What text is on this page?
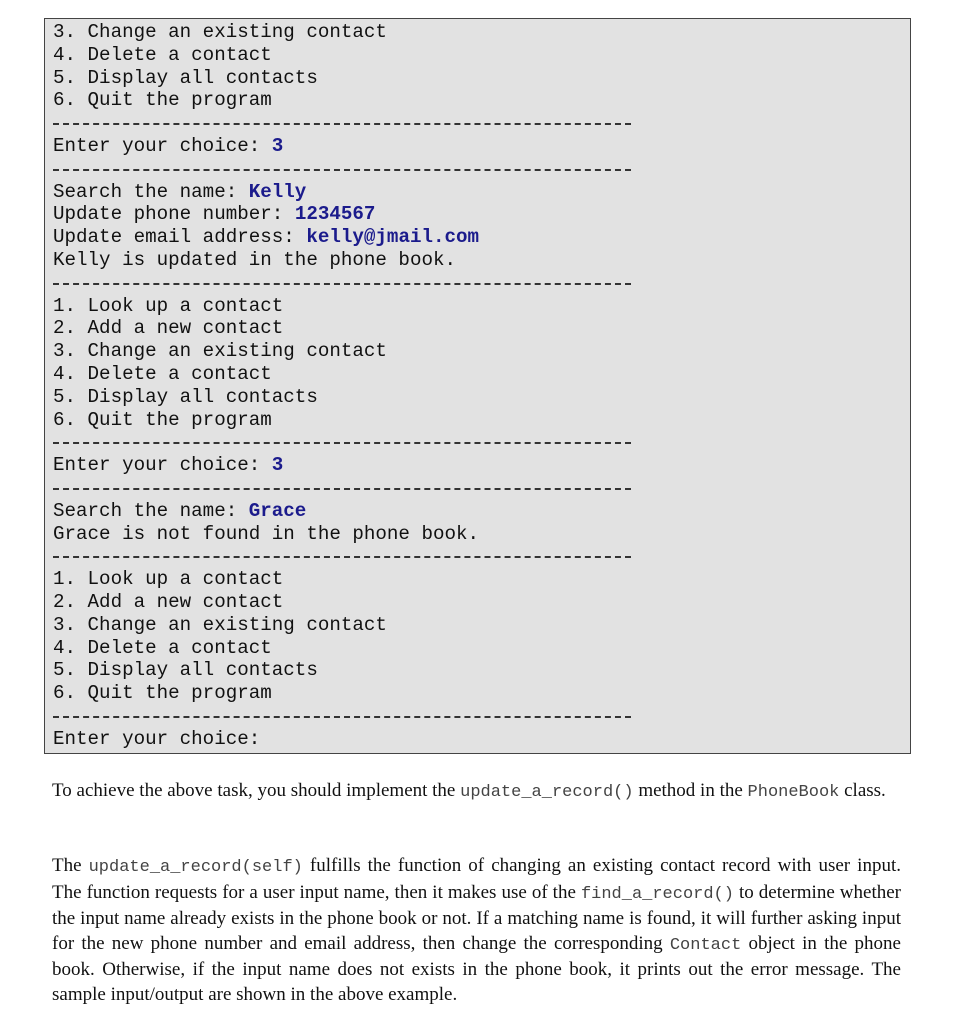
3. Change an existing contact
4. Delete a contact
5. Display all contacts
6. Quit the program
Enter your choice: 3
Search the name: Kelly
Update phone number: 1234567
Update email address: kelly@jmail.com
Kelly is updated in the phone book.
1. Look up a contact
2. Add a new contact
3. Change an existing contact
4. Delete a contact
5. Display all contacts
6. Quit the program
Enter your choice: 3
Search the name: Grace
Grace is not found in the phone book.
1. Look up a contact
2. Add a new contact
3. Change an existing contact
4. Delete a contact
5. Display all contacts
6. Quit the program
Enter your choice:

To achieve the above task, you should implement the update_a_record() method in the PhoneBook class.

The update_a_record(self) fulfills the function of changing an existing contact record with user input. The function requests for a user input name, then it makes use of the find_a_record() to determine whether the input name already exists in the phone book or not. If a matching name is found, it will further asking input for the new phone number and email address, then change the corresponding Contact object in the phone book. Otherwise, if the input name does not exists in the phone book, it prints out the error message. The sample input/output are shown in the above example.
